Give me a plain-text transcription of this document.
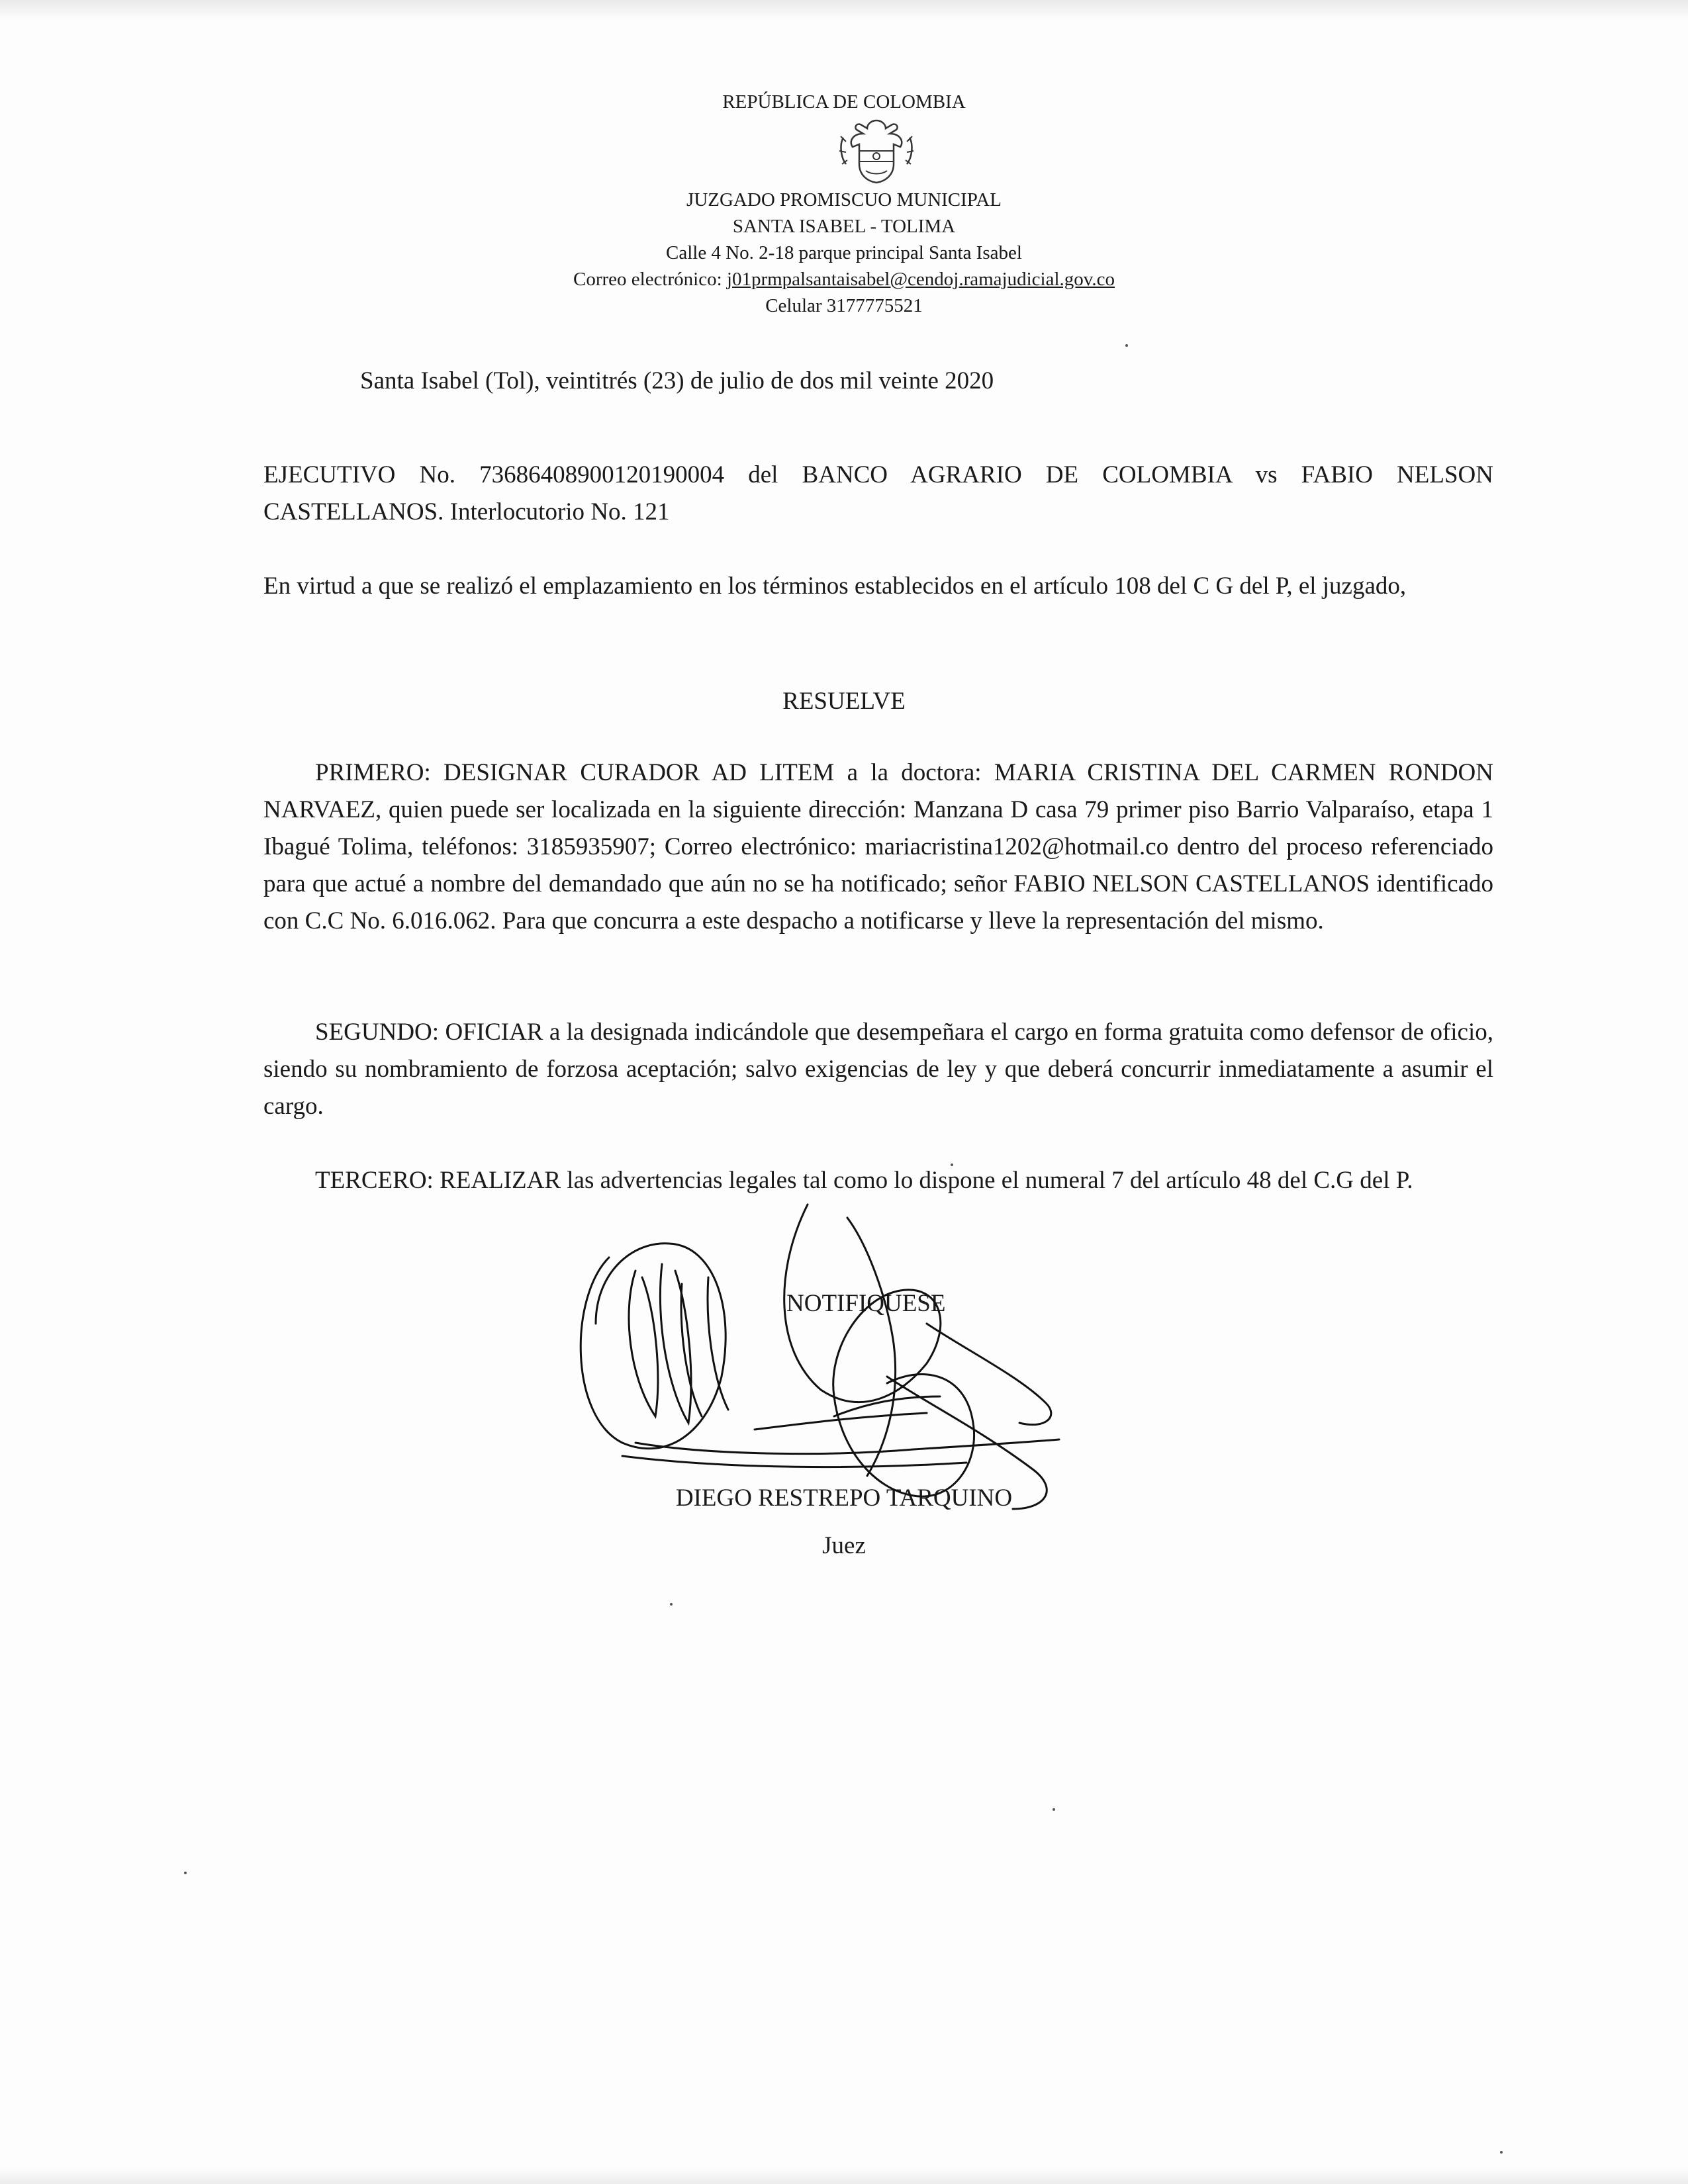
REPÚBLICA DE COLOMBIA
JUZGADO PROMISCUO MUNICIPAL
SANTA ISABEL - TOLIMA
Calle 4 No. 2-18 parque principal Santa Isabel
Correo electrónico: j01prmpalsantaisabel@cendoj.ramajudicial.gov.co
Celular 3177775521
Santa Isabel (Tol), veintitrés (23) de julio de dos mil veinte 2020
EJECUTIVO No. 73686408900120190004 del BANCO AGRARIO DE COLOMBIA vs FABIO NELSON CASTELLANOS. Interlocutorio No. 121
En virtud a que se realizó el emplazamiento en los términos establecidos en el artículo 108 del C G del P, el juzgado,
RESUELVE
PRIMERO: DESIGNAR CURADOR AD LITEM a la doctora: MARIA CRISTINA DEL CARMEN RONDON NARVAEZ, quien puede ser localizada en la siguiente dirección: Manzana D casa 79 primer piso Barrio Valparaíso, etapa 1 Ibagué Tolima, teléfonos: 3185935907; Correo electrónico: mariacristina1202@hotmail.co dentro del proceso referenciado para que actué a nombre del demandado que aún no se ha notificado; señor FABIO NELSON CASTELLANOS identificado con C.C No. 6.016.062. Para que concurra a este despacho a notificarse y lleve la representación del mismo.
SEGUNDO: OFICIAR a la designada indicándole que desempeñara el cargo en forma gratuita como defensor de oficio, siendo su nombramiento de forzosa aceptación; salvo exigencias de ley y que deberá concurrir inmediatamente a asumir el cargo.
TERCERO: REALIZAR las advertencias legales tal como lo dispone el numeral 7 del artículo 48 del C.G del P.
NOTIFIQUESE
DIEGO RESTREPO TARQUINO
Juez
